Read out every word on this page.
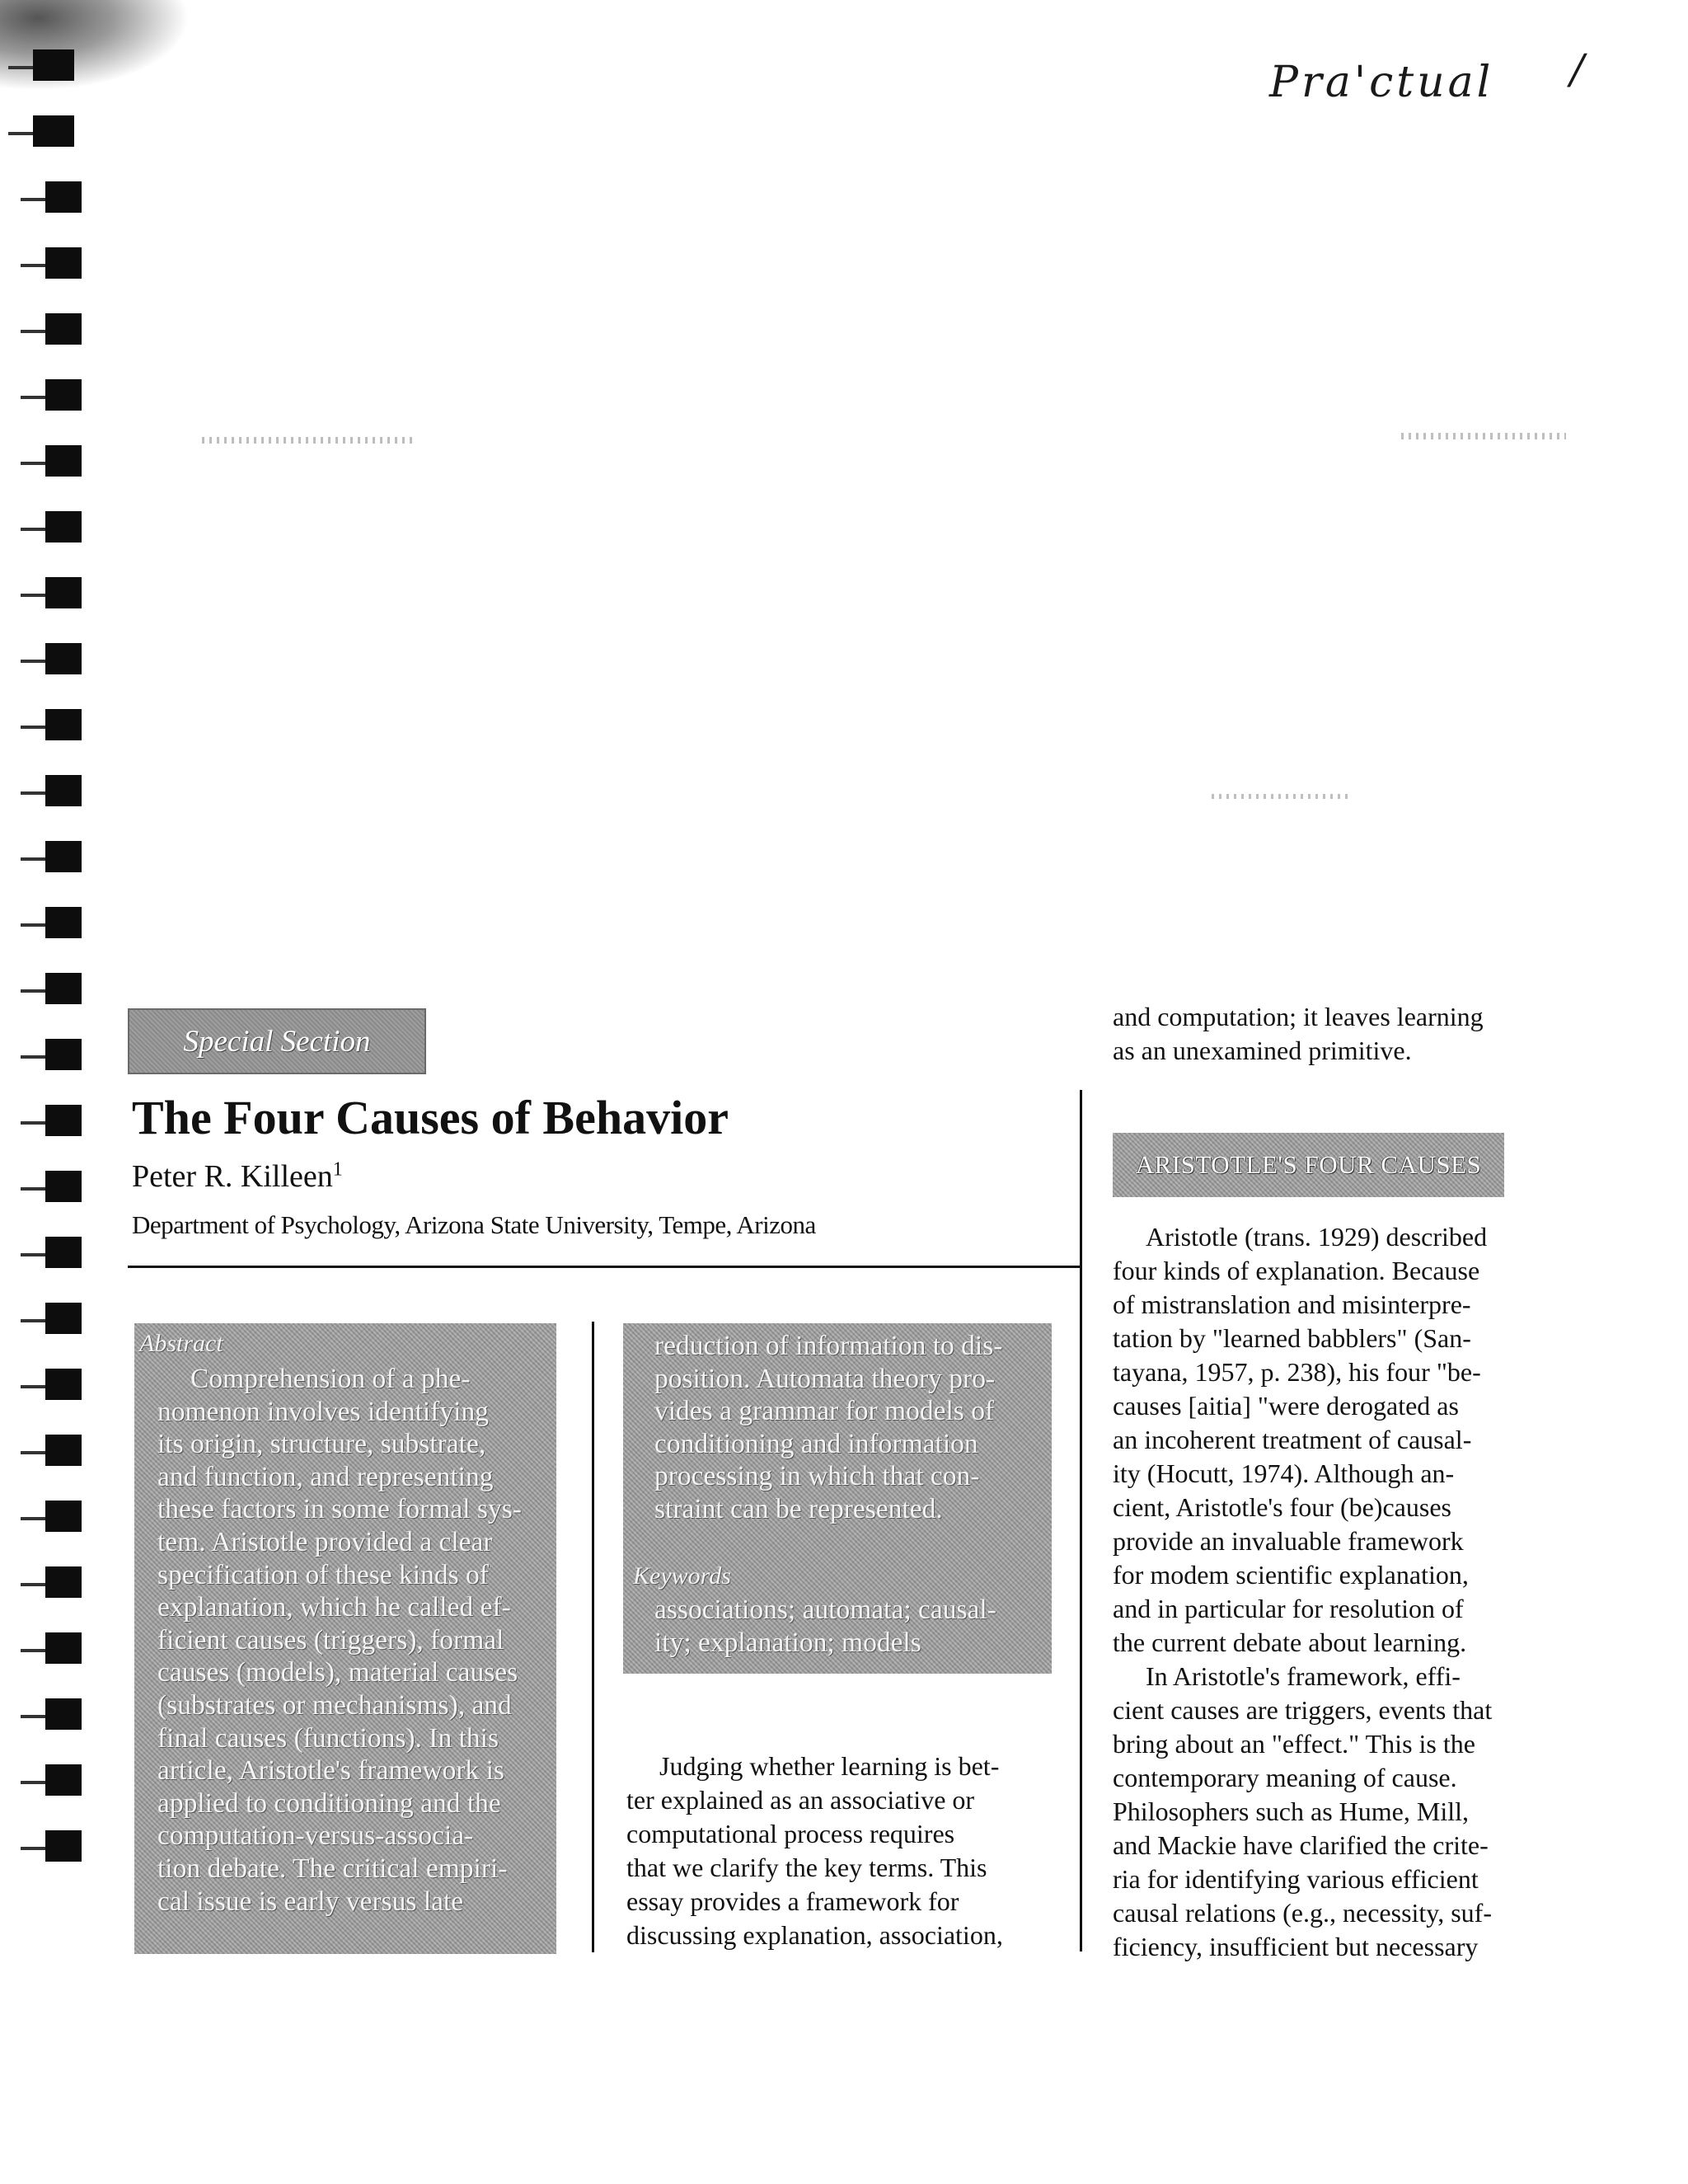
Pra'ctual /
Special Section
The Four Causes of Behavior
Peter R. Killeen$^1$
Department of Psychology, Arizona State University, Tempe, Arizona
Abstract
Comprehension of a phe-
nomenon involves identifying
its origin, structure, substrate,
and function, and representing
these factors in some formal sys-
tem. Aristotle provided a clear
specification of these kinds of
explanation, which he called ef-
ficient causes (triggers), formal
causes (models), material causes
(substrates or mechanisms), and
final causes (functions). In this
article, Aristotle's framework is
applied to conditioning and the
computation-versus-associa-
tion debate. The critical empiri-
cal issue is early versus late
reduction of information to dis-
position. Automata theory pro-
vides a grammar for models of
conditioning and information
processing in which that con-
straint can be represented.
Keywords
associations; automata; causal-
ity; explanation; models
Judging whether learning is bet-
ter explained as an associative or
computational process requires
that we clarify the key terms. This
essay provides a framework for
discussing explanation, association,
and computation; it leaves learning
as an unexamined primitive.
ARISTOTLE'S FOUR CAUSES
Aristotle (trans. 1929) described
four kinds of explanation. Because
of mistranslation and misinterpre-
tation by "learned babblers" (San-
tayana, 1957, p. 238), his four "be-
causes [aitia] "were derogated as
an incoherent treatment of causal-
ity (Hocutt, 1974). Although an-
cient, Aristotle's four (be)causes
provide an invaluable framework
for modem scientific explanation,
and in particular for resolution of
the current debate about learning.
In Aristotle's framework, effi-
cient causes are triggers, events that
bring about an "effect." This is the
contemporary meaning of cause.
Philosophers such as Hume, Mill,
and Mackie have clarified the crite-
ria for identifying various efficient
causal relations (e.g., necessity, suf-
ficiency, insufficient but necessary
